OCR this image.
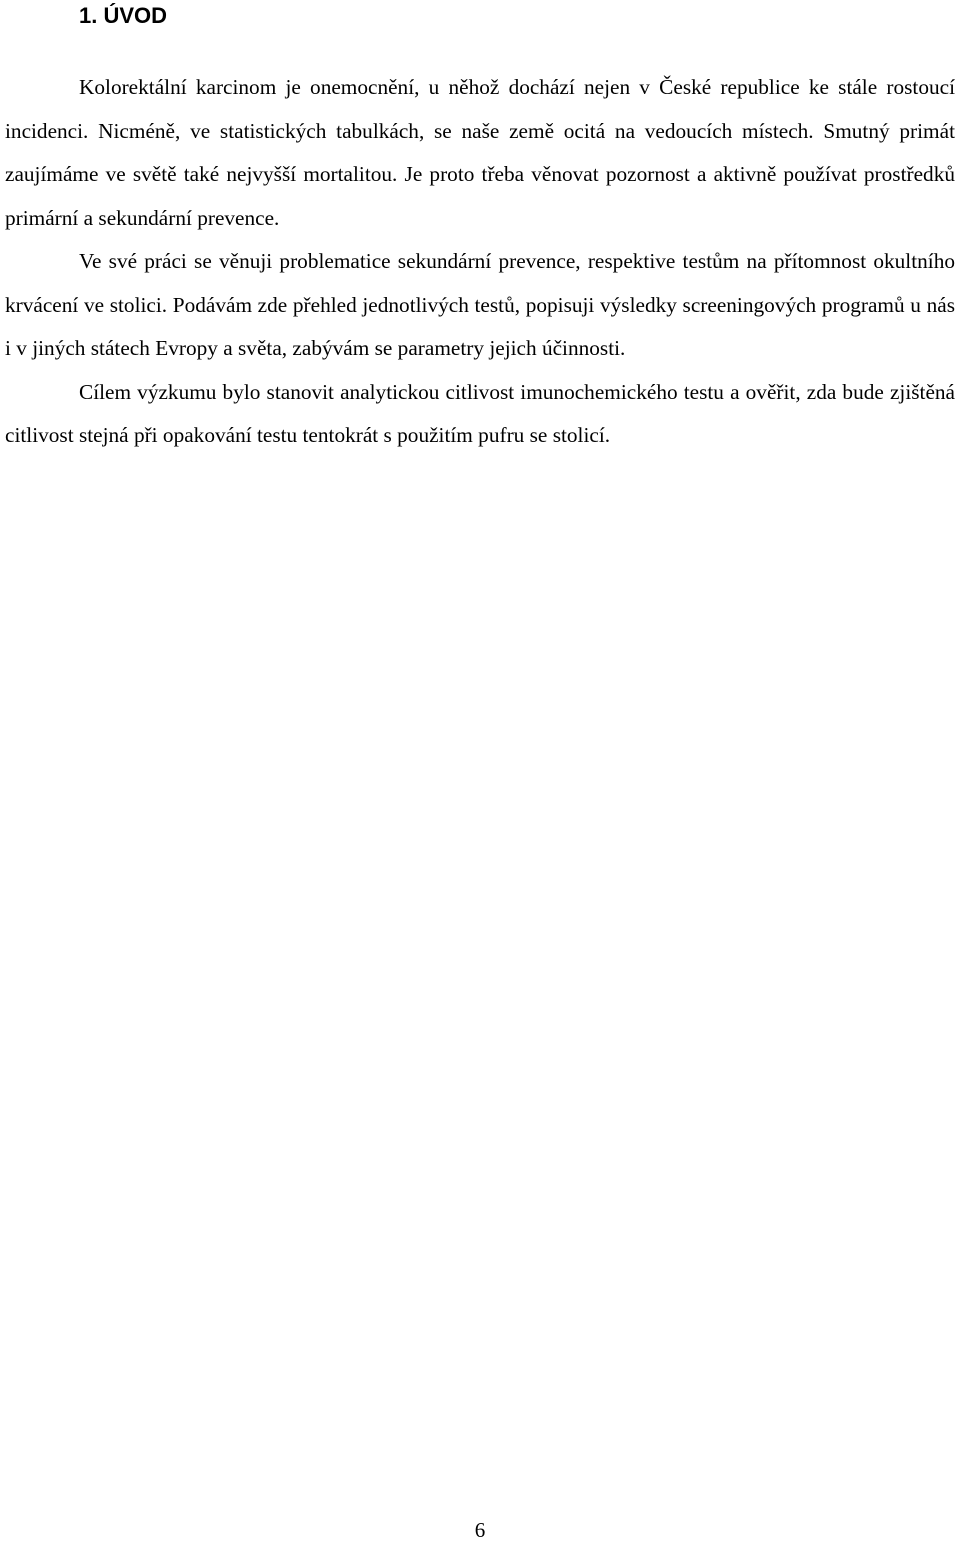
1. ÚVOD

Kolorektální karcinom je onemocnění, u něhož dochází nejen v České republice ke stále rostoucí incidenci. Nicméně, ve statistických tabulkách, se naše země ocitá na vedoucích místech. Smutný primát zaujímáme ve světě také nejvyšší mortalitou. Je proto třeba věnovat pozornost a aktivně používat prostředků primární a sekundární prevence.

Ve své práci se věnuji problematice sekundární prevence, respektive testům na přítomnost okultního krvácení ve stolici. Podávám zde přehled jednotlivých testů, popisuji výsledky screeningových programů u nás i v jiných státech Evropy a světa, zabývám se parametry jejich účinnosti.

Cílem výzkumu bylo stanovit analytickou citlivost imunochemického testu a ověřit, zda bude zjištěná citlivost stejná při opakování testu tentokrát s použitím pufru se stolicí.

6
